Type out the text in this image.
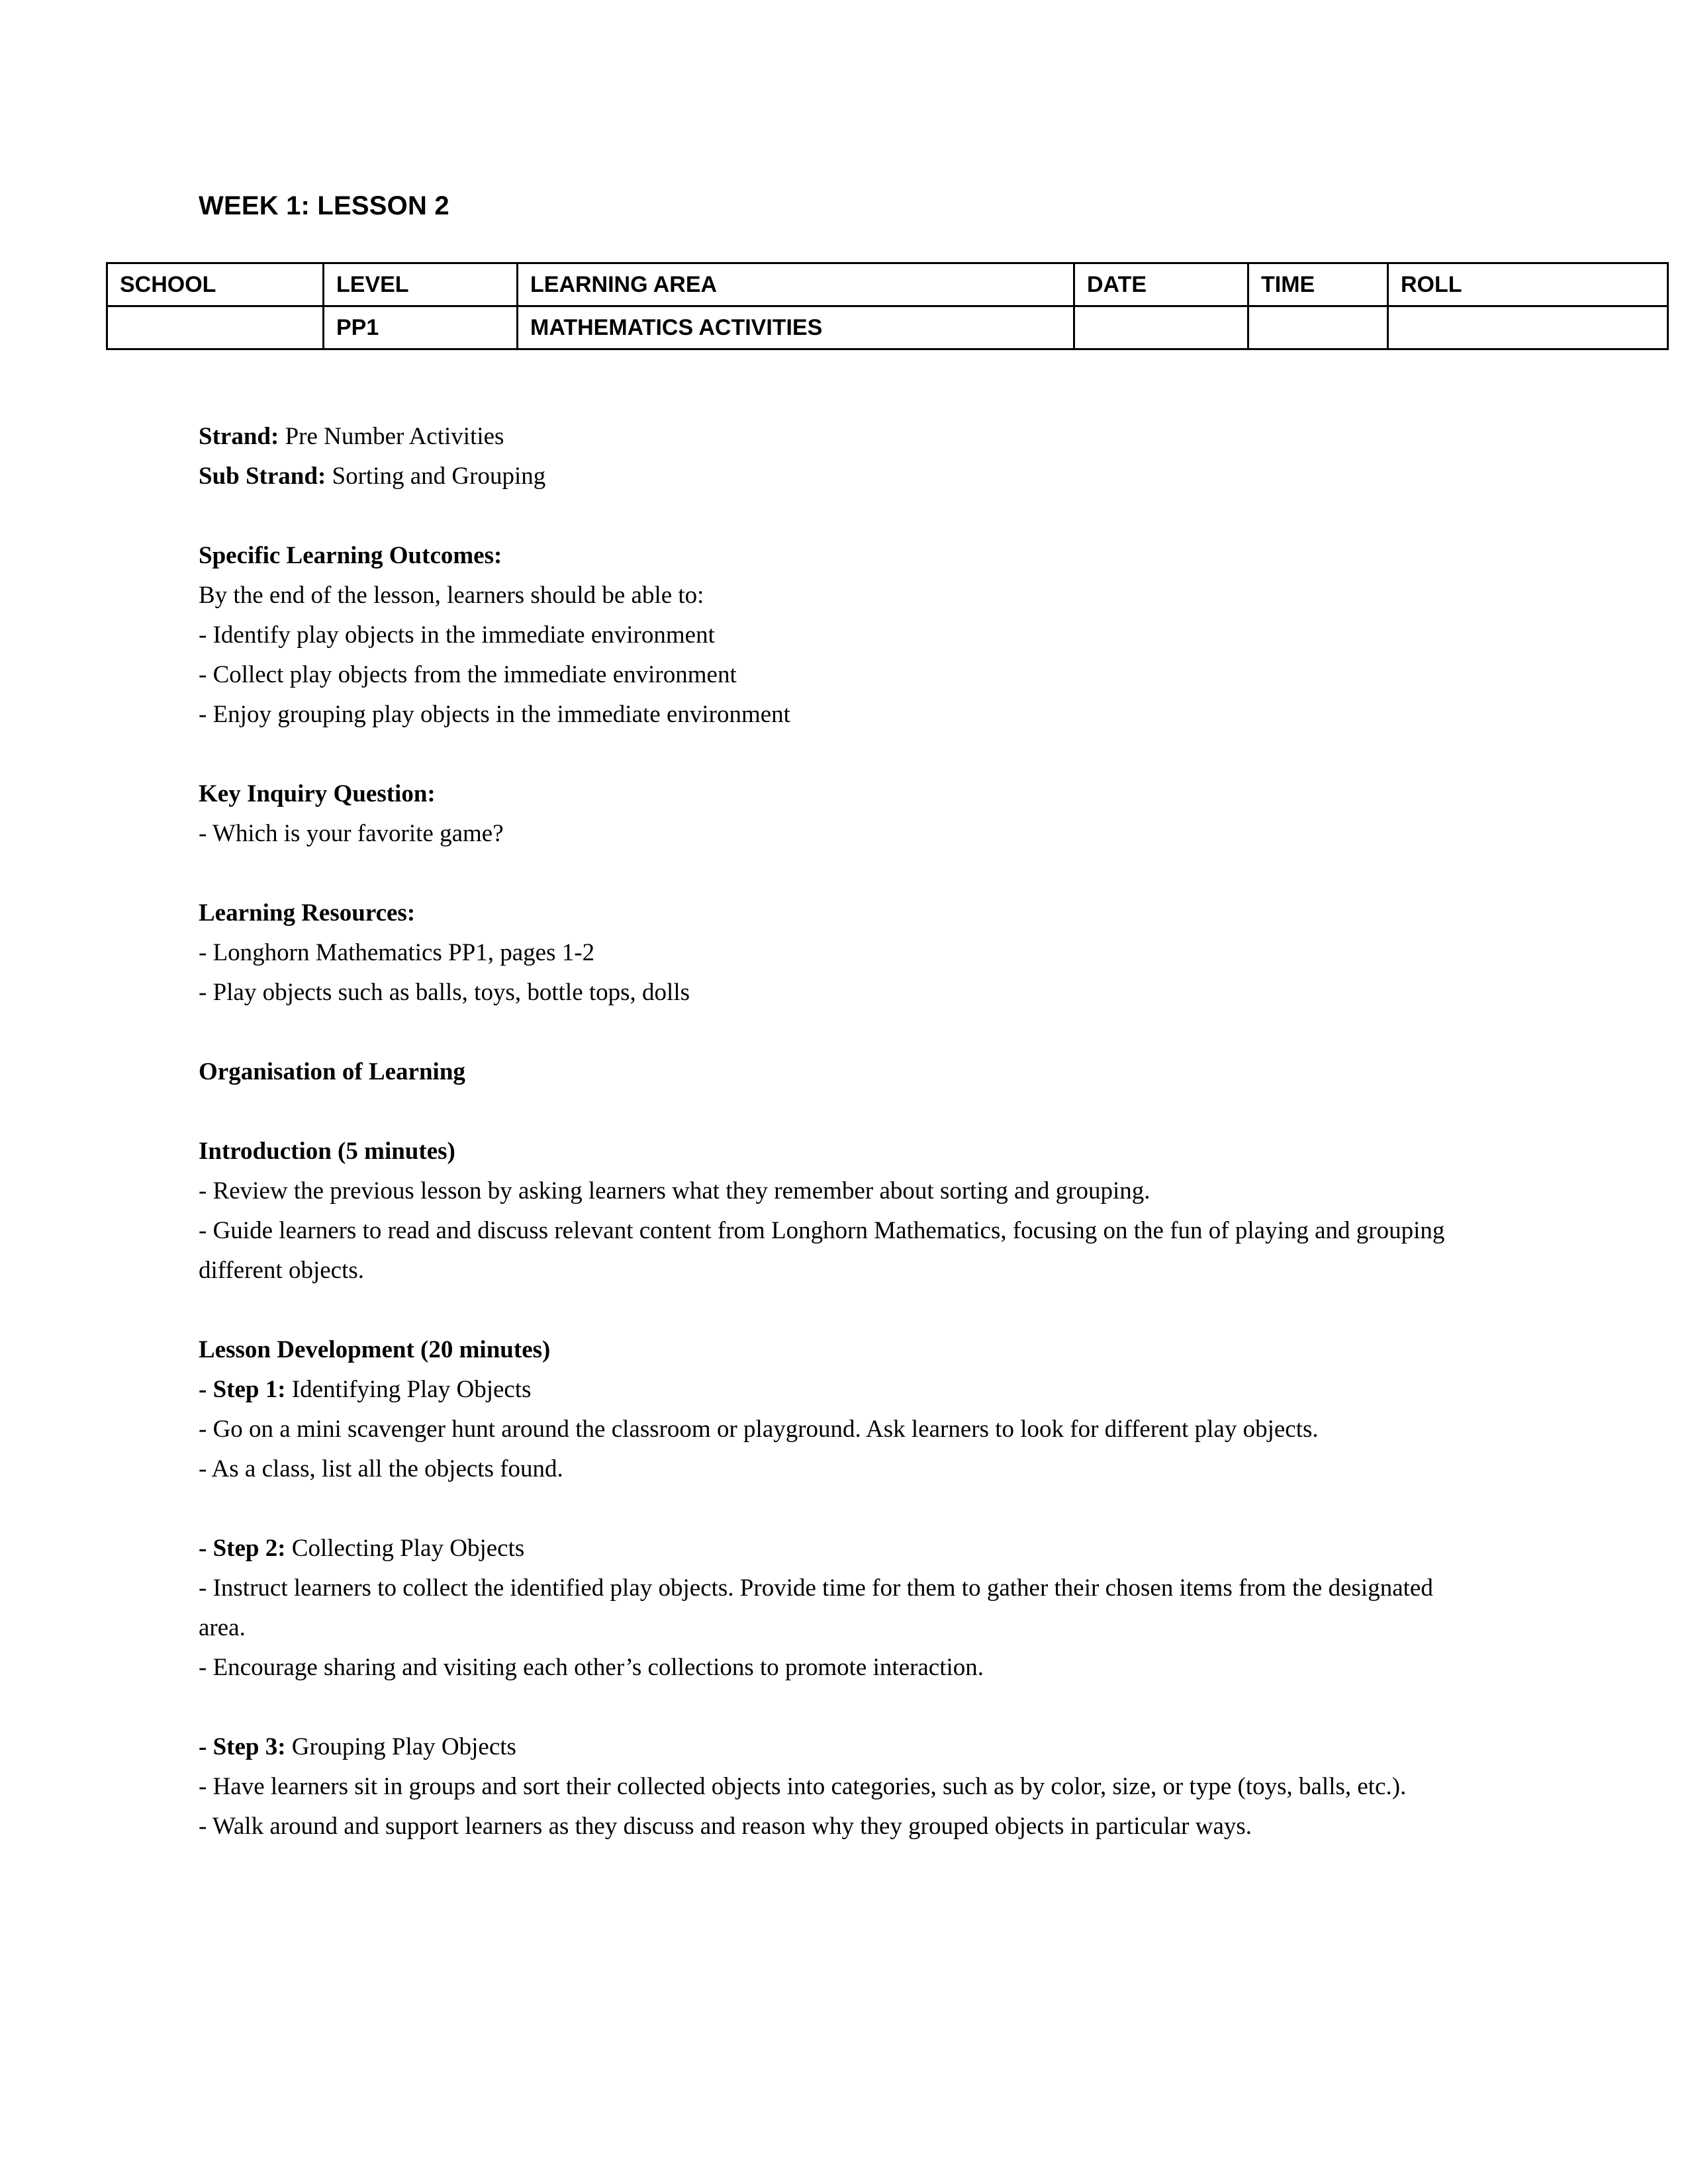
WEEK 1: LESSON 2
SCHOOL	LEVEL	LEARNING AREA	DATE	TIME	ROLL
	PP1	MATHEMATICS ACTIVITIES			

Strand: Pre Number Activities

Sub Strand: Sorting and Grouping

Specific Learning Outcomes:

By the end of the lesson, learners should be able to:

- Identify play objects in the immediate environment

- Collect play objects from the immediate environment

- Enjoy grouping play objects in the immediate environment

Key Inquiry Question:

- Which is your favorite game?

Learning Resources:

- Longhorn Mathematics PP1, pages 1-2

- Play objects such as balls, toys, bottle tops, dolls

Organisation of Learning

Introduction (5 minutes)

- Review the previous lesson by asking learners what they remember about sorting and grouping.

- Guide learners to read and discuss relevant content from Longhorn Mathematics, focusing on the fun of playing and grouping different objects.

Lesson Development (20 minutes)

- Step 1: Identifying Play Objects

- Go on a mini scavenger hunt around the classroom or playground. Ask learners to look for different play objects.

- As a class, list all the objects found.

- Step 2: Collecting Play Objects

- Instruct learners to collect the identified play objects. Provide time for them to gather their chosen items from the designated area.

- Encourage sharing and visiting each other’s collections to promote interaction.

- Step 3: Grouping Play Objects

- Have learners sit in groups and sort their collected objects into categories, such as by color, size, or type (toys, balls, etc.).

- Walk around and support learners as they discuss and reason why they grouped objects in particular ways.
